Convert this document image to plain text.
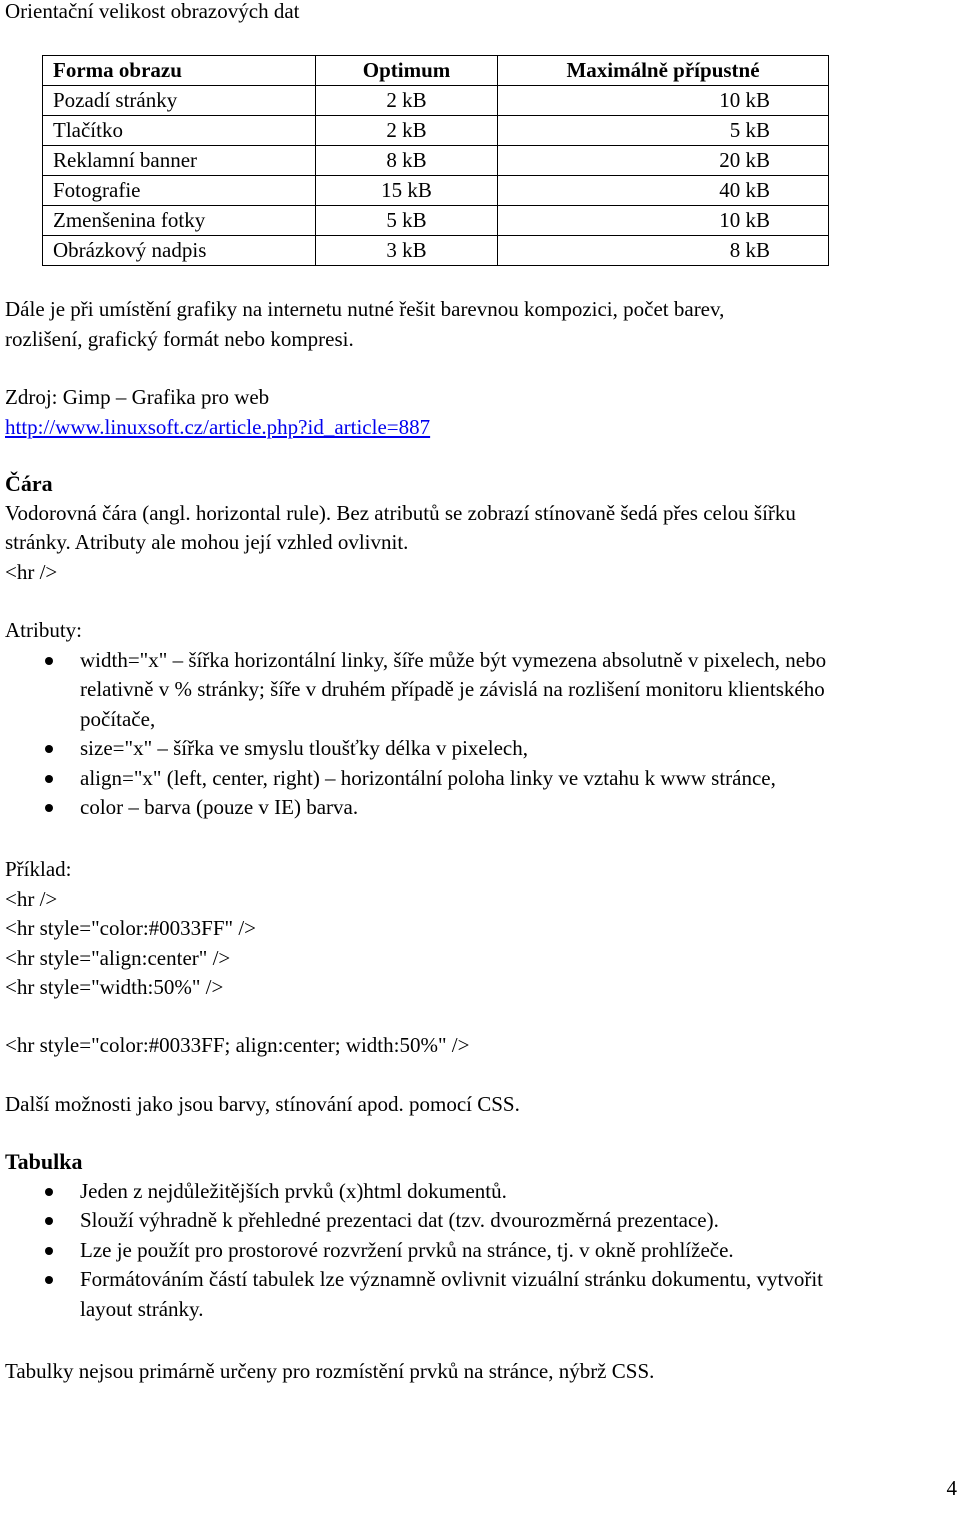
Orientační velikost obrazových dat

Forma obrazu	Optimum	Maximálně přípustné
Pozadí stránky	2 kB	10 kB
Tlačítko	2 kB	5 kB
Reklamní banner	8 kB	20 kB
Fotografie	15 kB	40 kB
Zmenšenina fotky	5 kB	10 kB
Obrázkový nadpis	3 kB	8 kB

Dále je při umístění grafiky na internetu nutné řešit barevnou kompozici, počet barev,

rozlišení, grafický formát nebo kompresi.

Zdroj: Gimp – Grafika pro web

http://www.linuxsoft.cz/article.php?id_article=887

Čára

Vodorovná čára (angl. horizontal rule). Bez atributů se zobrazí stínovaně šedá přes celou šířku

stránky. Atributy ale mohou její vzhled ovlivnit.

<hr />

Atributy:

width="x" – šířka horizontální linky, šíře může být vymezena absolutně v pixelech, nebo relativně v % stránky; šíře v druhém případě je závislá na rozlišení monitoru klientského počítače,
size="x" – šířka ve smyslu tloušťky délka v pixelech,
align="x" (left, center, right) – horizontální poloha linky ve vztahu k www stránce,
color – barva (pouze v IE) barva.

Příklad:

<hr />

<hr style="color:#0033FF" />

<hr style="align:center" />

<hr style="width:50%" />

<hr style="color:#0033FF; align:center; width:50%" />

Další možnosti jako jsou barvy, stínování apod. pomocí CSS.

Tabulka

Jeden z nejdůležitějších prvků (x)html dokumentů.
Slouží výhradně k přehledné prezentaci dat (tzv. dvourozměrná prezentace).
Lze je použít pro prostorové rozvržení prvků na stránce, tj. v okně prohlížeče.
Formátováním částí tabulek lze významně ovlivnit vizuální stránku dokumentu, vytvořit layout stránky.

Tabulky nejsou primárně určeny pro rozmístění prvků na stránce, nýbrž CSS.

4
